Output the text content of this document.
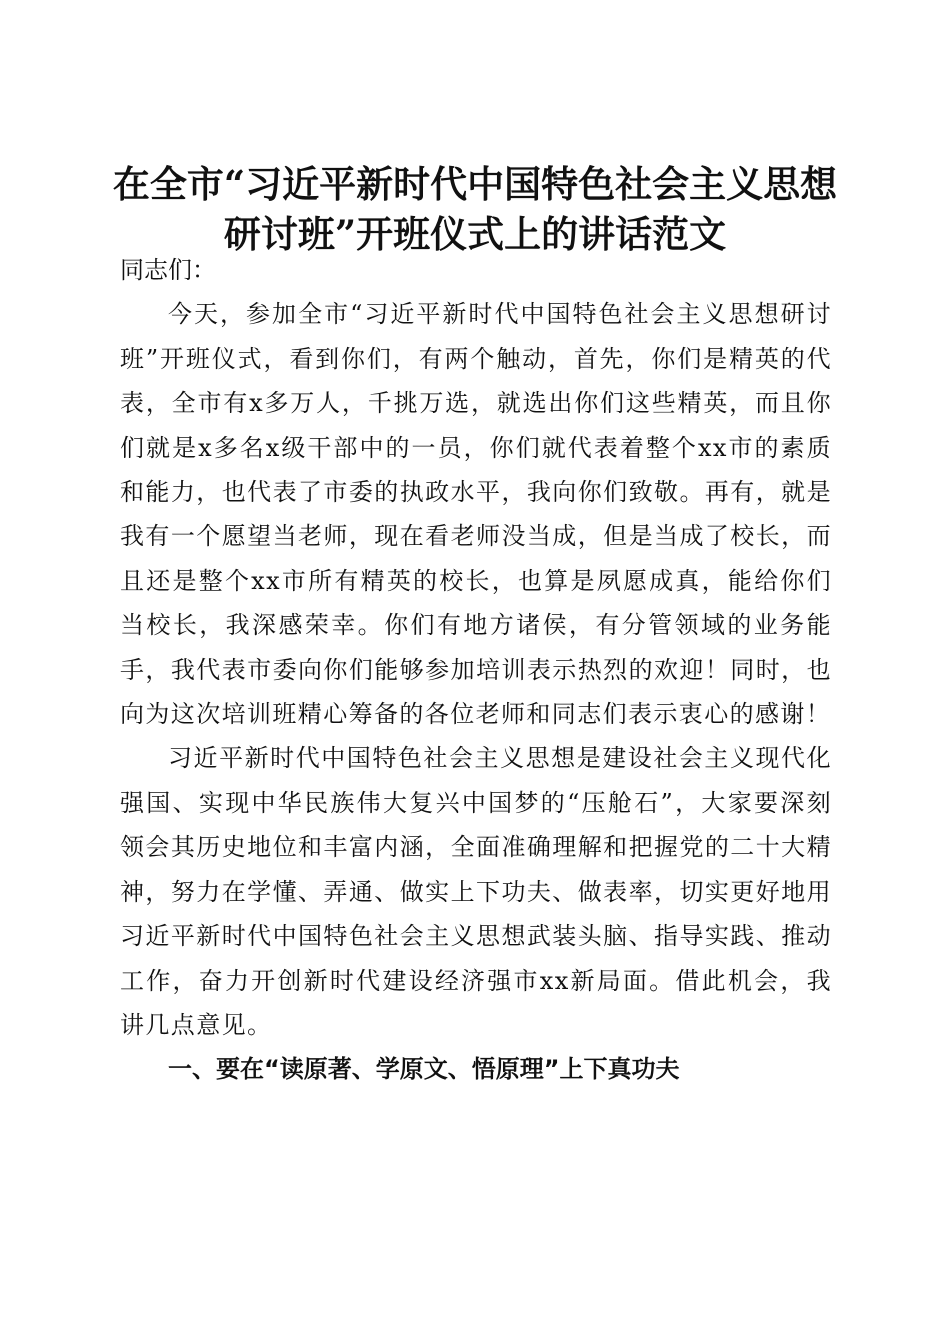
在全市“习近平新时代中国特色社会主义思想
研讨班”开班仪式上的讲话范文

同志们：

今天，参加全市“习近平新时代中国特色社会主义思想研讨班”开班仪式，看到你们，有两个触动，首先，你们是精英的代表，全市有x多万人，千挑万选，就选出你们这些精英，而且你们就是x多名x级干部中的一员，你们就代表着整个xx市的素质和能力，也代表了市委的执政水平，我向你们致敬。再有，就是我有一个愿望当老师，现在看老师没当成，但是当成了校长，而且还是整个xx市所有精英的校长，也算是夙愿成真，能给你们当校长，我深感荣幸。你们有地方诸侯，有分管领域的业务能手，我代表市委向你们能够参加培训表示热烈的欢迎！同时，也向为这次培训班精心筹备的各位老师和同志们表示衷心的感谢！

习近平新时代中国特色社会主义思想是建设社会主义现代化强国、实现中华民族伟大复兴中国梦的“压舱石”，大家要深刻领会其历史地位和丰富内涵，全面准确理解和把握党的二十大精神，努力在学懂、弄通、做实上下功夫、做表率，切实更好地用习近平新时代中国特色社会主义思想武装头脑、指导实践、推动工作，奋力开创新时代建设经济强市xx新局面。借此机会，我讲几点意见。

一、要在“读原著、学原文、悟原理”上下真功夫
